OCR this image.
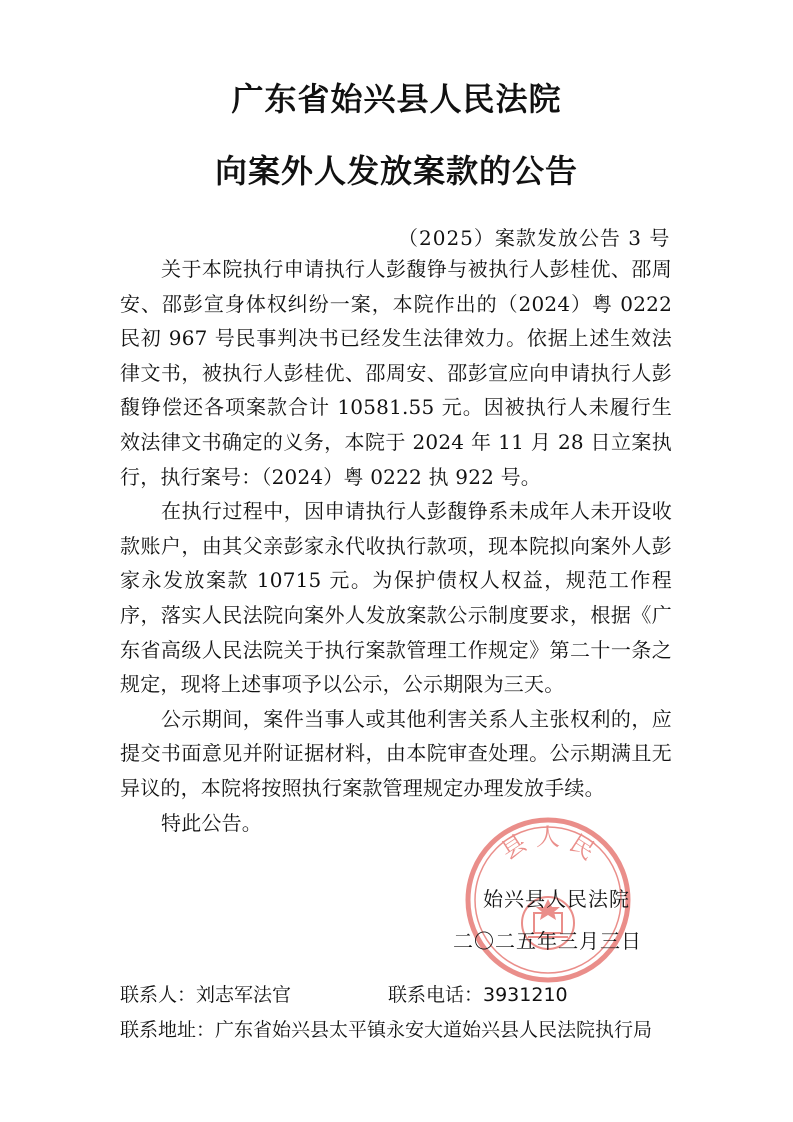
广东省始兴县人民法院
向案外人发放案款的公告
（2025）案款发放公告 3 号

关于本院执行申请执行人彭馥铮与被执行人彭桂优、邵周安、邵彭宣身体权纠纷一案，本院作出的（2024）粤 0222 民初 967 号民事判决书已经发生法律效力。依据上述生效法律文书，被执行人彭桂优、邵周安、邵彭宣应向申请执行人彭馥铮偿还各项案款合计 10581.55 元。因被执行人未履行生效法律文书确定的义务，本院于 2024 年 11 月 28 日立案执行，执行案号：（2024）粤 0222 执 922 号。

在执行过程中，因申请执行人彭馥铮系未成年人未开设收款账户，由其父亲彭家永代收执行款项，现本院拟向案外人彭家永发放案款 10715 元。为保护债权人权益，规范工作程序，落实人民法院向案外人发放案款公示制度要求，根据《广东省高级人民法院关于执行案款管理工作规定》第二十一条之规定，现将上述事项予以公示，公示期限为三天。

公示期间，案件当事人或其他利害关系人主张权利的，应提交书面意见并附证据材料，由本院审查处理。公示期满且无异议的，本院将按照执行案款管理规定办理发放手续。

特此公告。

县 人 民
始兴县人民法院
二〇二五年三月三日
联系人：刘志军法官	联系电话：3931210
联系地址：广东省始兴县太平镇永安大道始兴县人民法院执行局
